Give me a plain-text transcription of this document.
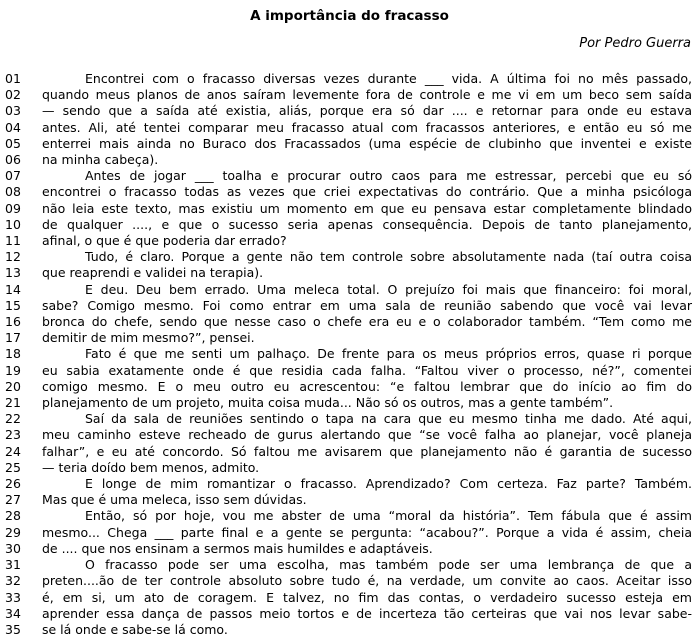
A importância do fracasso
Por Pedro Guerra
01	Encontrei com o fracasso diversas vezes durante ___ vida. A última foi no mês passado,
02	quando meus planos de anos saíram levemente fora de controle e me vi em um beco sem saída
03	— sendo que a saída até existia, aliás, porque era só dar .... e retornar para onde eu estava
04	antes. Ali, até tentei comparar meu fracasso atual com fracassos anteriores, e então eu só me
05	enterrei mais ainda no Buraco dos Fracassados (uma espécie de clubinho que inventei e existe
06	na minha cabeça).
07	Antes de jogar ___ toalha e procurar outro caos para me estressar, percebi que eu só
08	encontrei o fracasso todas as vezes que criei expectativas do contrário. Que a minha psicóloga
09	não leia este texto, mas existiu um momento em que eu pensava estar completamente blindado
10	de qualquer ...., e que o sucesso seria apenas consequência. Depois de tanto planejamento,
11	afinal, o que é que poderia dar errado?
12	Tudo, é claro. Porque a gente não tem controle sobre absolutamente nada (taí outra coisa
13	que reaprendi e validei na terapia).
14	E deu. Deu bem errado. Uma meleca total. O prejuízo foi mais que financeiro: foi moral,
15	sabe? Comigo mesmo. Foi como entrar em uma sala de reunião sabendo que você vai levar
16	bronca do chefe, sendo que nesse caso o chefe era eu e o colaborador também. “Tem como me
17	demitir de mim mesmo?”, pensei.
18	Fato é que me senti um palhaço. De frente para os meus próprios erros, quase ri porque
19	eu sabia exatamente onde é que residia cada falha. “Faltou viver o processo, né?”, comentei
20	comigo mesmo. E o meu outro eu acrescentou: “e faltou lembrar que do início ao fim do
21	planejamento de um projeto, muita coisa muda... Não só os outros, mas a gente também”.
22	Saí da sala de reuniões sentindo o tapa na cara que eu mesmo tinha me dado. Até aqui,
23	meu caminho esteve recheado de gurus alertando que “se você falha ao planejar, você planeja
24	falhar”, e eu até concordo. Só faltou me avisarem que planejamento não é garantia de sucesso
25	— teria doído bem menos, admito.
26	E longe de mim romantizar o fracasso. Aprendizado? Com certeza. Faz parte? Também.
27	Mas que é uma meleca, isso sem dúvidas.
28	Então, só por hoje, vou me abster de uma “moral da história”. Tem fábula que é assim
29	mesmo... Chega ___ parte final e a gente se pergunta: “acabou?”. Porque a vida é assim, cheia
30	de .... que nos ensinam a sermos mais humildes e adaptáveis.
31	O fracasso pode ser uma escolha, mas também pode ser uma lembrança de que a
32	preten....ão de ter controle absoluto sobre tudo é, na verdade, um convite ao caos. Aceitar isso
33	é, em si, um ato de coragem. E talvez, no fim das contas, o verdadeiro sucesso esteja em
34	aprender essa dança de passos meio tortos e de incerteza tão certeiras que vai nos levar sabe-
35	se lá onde e sabe-se lá como.
